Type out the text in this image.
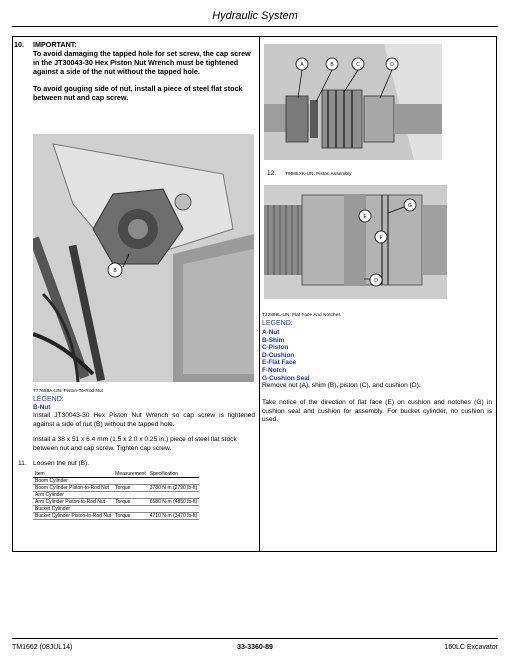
Hydraulic System
10.	IMPORTANT:
To avoid damaging the tapped hole for set screw, the cap screw in the JT30043-30 Hex Piston Nut Wrench must be tightened against a side of the nut without the tapped hole.
To avoid gouging side of nut, install a piece of steel flat stock between nut and cap screw.
B
T77658A-UN: Piston-To-Rod Nut
LEGEND:
B-Nut
Install JT30043-30 Hex Piston Nut Wrench so cap screw is tightened against a side of nut (B) without the tapped hole.
Install a 38 x 51 x 6.4 mm (1.5 x 2.0 x 0.25 in.) piece of steel flat stock between nut and cap screw. Tighten cap screw.
11. Loosen the nut (B).
Item	Measurement	Specification
Boom Cylinder		
Boom Cylinder Piston-to-Rod Nut	Torque	3780 N·m (2790 lb-ft)
Arm Cylinder		
Arm Cylinder Piston-to-Rod Nut	Torque	6580 N·m (4850 lb-ft)
Bucket Cylinder		
Bucket Cylinder Piston-to-Rod Nut	Torque	4710 N·m (3470 lb-ft)
A	B	C	D
12.	T9585XK-UN: Piston Assembly
G
E
F
D
T32898L-UN: Flat Face And Notches
LEGEND:
A-Nut
B-Shim
C-Piston
D-Cushion
E-Flat Face
F-Notch
G-Cushion Seal
Remove nut (A), shim (B), piston (C), and cushion (D).
Take notice of the direction of flat face (E) on cushion and notches (G) in cushion seal and cushion for assembly. For bucket cylinder, no cushion is used.
TM1662 (08JUL14)	33-3360-89	160LC Excavator
